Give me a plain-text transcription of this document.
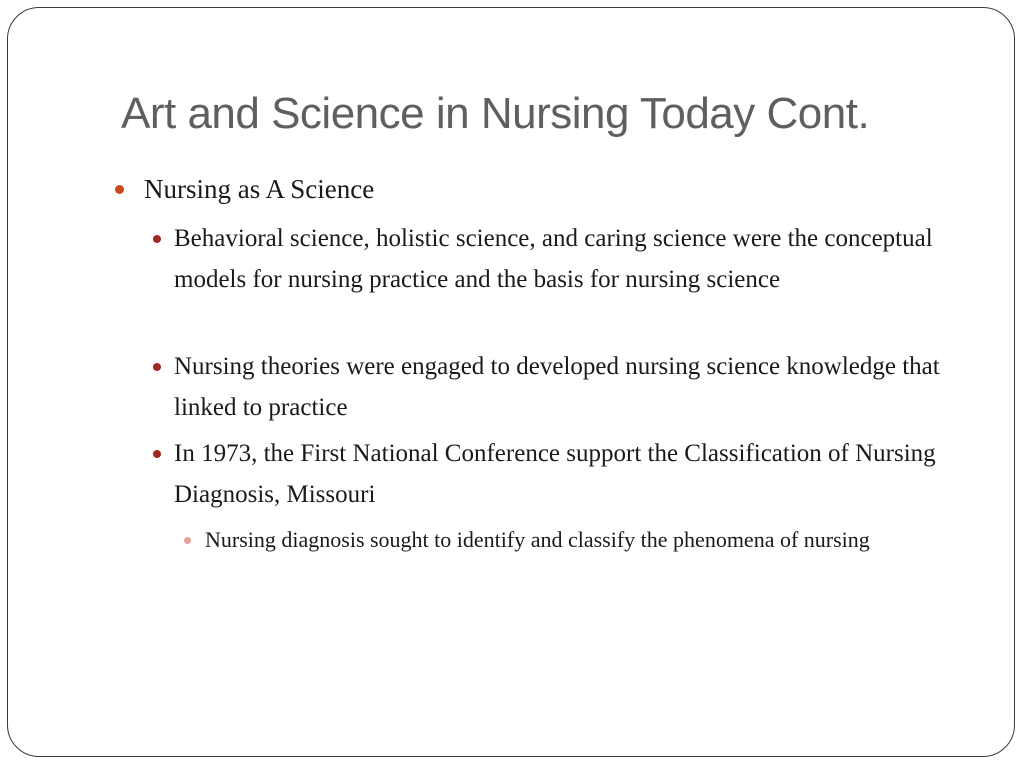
Art and Science in Nursing Today Cont.
Nursing as A Science
Behavioral science, holistic science, and caring science were the conceptual models for nursing practice and the basis for nursing science
Nursing theories were engaged to developed nursing science knowledge that linked to practice
In 1973, the First National Conference support the Classification of Nursing Diagnosis, Missouri
Nursing diagnosis sought to identify and classify the phenomena of nursing
